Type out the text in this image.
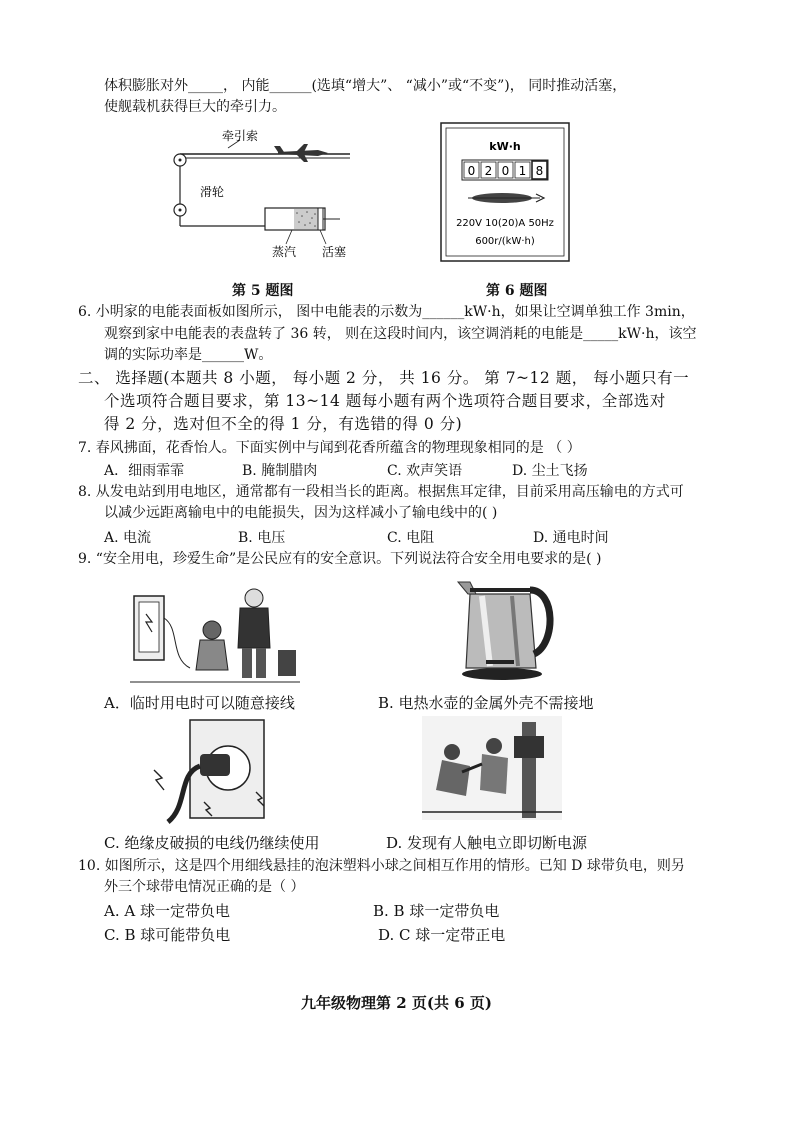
体积膨胀对外_____， 内能______(选填“增大”、 “减小”或“不变”)， 同时推动活塞，
使舰载机获得巨大的牵引力。
牵引索
滑轮
蒸汽 活塞
第 5 题图
kW·h
0 2 0 1 8
220V 10(20)A 50Hz
600r/(kW·h)
第 6 题图
6. 小明家的电能表面板如图所示， 图中电能表的示数为______kW·h，如果让空调单独工作 3min，
观察到家中电能表的表盘转了 36 转， 则在这段时间内，该空调消耗的电能是_____kW·h，该空
调的实际功率是______W。
二、 选择题(本题共 8 小题， 每小题 2 分， 共 16 分。 第 7~12 题， 每小题只有一
个选项符合题目要求，第 13~14 题每小题有两个选项符合题目要求，全部选对
得 2 分，选对但不全的得 1 分，有选错的得 0 分)
7. 春风拂面，花香怡人。下面实例中与闻到花香所蕴含的物理现象相同的是 （ ）
A．细雨霏霏	B. 腌制腊肉	C. 欢声笑语	D. 尘土飞扬
8. 从发电站到用电地区，通常都有一段相当长的距离。根据焦耳定律，目前采用高压输电的方式可
以减少远距离输电中的电能损失，因为这样减小了输电线中的( )
A. 电流	B. 电压	C. 电阻	D. 通电时间
9. “安全用电，珍爱生命”是公民应有的安全意识。下列说法符合安全用电要求的是( )
A．临时用电时可以随意接线	B. 电热水壶的金属外壳不需接地
C. 绝缘皮破损的电线仍继续使用	D. 发现有人触电立即切断电源
10. 如图所示，这是四个用细线悬挂的泡沫塑料小球之间相互作用的情形。已知 D 球带负电，则另
外三个球带电情况正确的是（ ）
A. A 球一定带负电	B. B 球一定带负电
C. B 球可能带负电	D. C 球一定带正电
九年级物理第 2 页(共 6 页)
